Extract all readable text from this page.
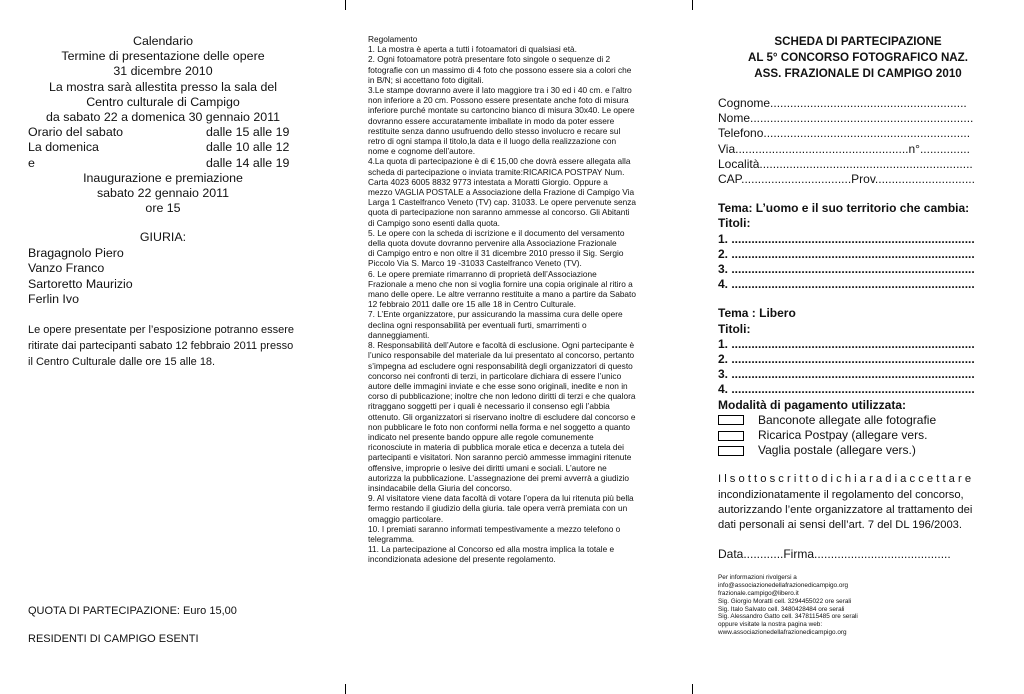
Calendario
Termine di presentazione delle opere
31 dicembre 2010
La mostra sarà allestita presso la sala del
Centro culturale di Campigo
da sabato 22 a domenica 30 gennaio 2011
Orario del sabato	dalle 15 alle 19
La domenica	dalle 10 alle 12
e	dalle 14 alle 19
Inaugurazione e premiazione
sabato 22 gennaio 2011
ore 15
GIURIA:
Bragagnolo Piero
Vanzo Franco
Sartoretto Maurizio
Ferlin Ivo
Le opere presentate per l’esposizione potranno essere
ritirate dai partecipanti sabato 12 febbraio 2011 presso
il Centro Culturale dalle ore 15 alle 18.
QUOTA DI PARTECIPAZIONE: Euro 15,00
RESIDENTI DI CAMPIGO ESENTI
Regolamento
1. La mostra è aperta a tutti i fotoamatori di qualsiasi età.
2. Ogni fotoamatore potrà presentare foto singole o sequenze di 2
fotografie con un massimo di 4 foto che possono essere sia a colori che
in B/N; si accettano foto digitali.
3.Le stampe dovranno avere il lato maggiore tra i 30 ed i 40 cm. e l’altro
non inferiore a 20 cm. Possono essere presentate anche foto di misura
inferiore purché montate su cartoncino bianco di misura 30x40. Le opere
dovranno essere accuratamente imballate in modo da poter essere
restituite senza danno usufruendo dello stesso involucro e recare sul
retro di ogni stampa il titolo,la data e il luogo della realizzazione con
nome e cognome dell’autore.
4.La quota di partecipazione è di € 15,00 che dovrà essere allegata alla
scheda di partecipazione o inviata tramite:RICARICA POSTPAY Num.
Carta 4023 6005 8832 9773 intestata a Moratti Giorgio. Oppure a
mezzo VAGLIA POSTALE a Associazione della Frazione di Campigo Via
Larga 1 Castelfranco Veneto (TV) cap. 31033. Le opere pervenute senza
quota di partecipazione non saranno ammesse al concorso. Gli Abitanti
di Campigo sono esenti dalla quota.
5. Le opere con la scheda di iscrizione e il documento del versamento
della quota dovute dovranno pervenire alla Associazione Frazionale
di Campigo entro e non oltre il 31 dicembre 2010 presso il Sig. Sergio
Piccolo Via S. Marco 19 -31033 Castelfranco Veneto (TV).
6. Le opere premiate rimarranno di proprietà dell’Associazione
Frazionale a meno che non si voglia fornire una copia originale al ritiro a
mano delle opere. Le altre verranno restituite a mano a partire da Sabato
12 febbraio 2011 dalle ore 15 alle 18 in Centro Culturale.
7. L’Ente organizzatore, pur assicurando la massima cura delle opere
declina ogni responsabilità per eventuali furti, smarrimenti o
danneggiamenti.
8. Responsabilità dell’Autore e facoltà di esclusione. Ogni partecipante è
l’unico responsabile del materiale da lui presentato al concorso, pertanto
s’impegna ad escludere ogni responsabilità degli organizzatori di questo
concorso nei confronti di terzi, in particolare dichiara di essere l’unico
autore delle immagini inviate e che esse sono originali, inedite e non in
corso di pubblicazione; inoltre che non ledono diritti di terzi e che qualora
ritraggano soggetti per i quali è necessario il consenso egli l’abbia
ottenuto. Gli organizzatori si riservano inoltre di escludere dal concorso e
non pubblicare le foto non conformi nella forma e nel soggetto a quanto
indicato nel presente bando oppure alle regole comunemente
riconosciute in materia di pubblica morale etica e decenza a tutela dei
partecipanti e visitatori. Non saranno perciò ammesse immagini ritenute
offensive, improprie o lesive dei diritti umani e sociali. L’autore ne
autorizza la pubblicazione. L’assegnazione dei premi avverrà a giudizio
insindacabile della Giuria del concorso.
9. Al visitatore viene data facoltà di votare l’opera da lui ritenuta più bella
fermo restando il giudizio della giuria. tale opera verrà premiata con un
omaggio particolare.
10. I premiati saranno informati tempestivamente a mezzo telefono o
telegramma.
11. La partecipazione al Concorso ed alla mostra implica la totale e
incondizionata adesione del presente regolamento.
SCHEDA DI PARTECIPAZIONE
AL 5° CONCORSO FOTOGRAFICO NAZ.
ASS. FRAZIONALE DI CAMPIGO 2010
Cognome...........................................................
Nome...................................................................
Telefono..............................................................
Via....................................................n°...............
Località................................................................
CAP.................................Prov..............................
Tema: L’uomo e il suo territorio che cambia:
Titoli:
1. .........................................................................
2. .........................................................................
3. .........................................................................
4. .........................................................................
Tema : Libero
Titoli:
1. .........................................................................
2. .........................................................................
3. .........................................................................
4. .........................................................................
Modalità di pagamento utilizzata:
Banconote allegate alle fotografie
Ricarica Postpay (allegare vers.
Vaglia postale (allegare vers.)
I l s o t t o s c r i t t o d i c h i a r a d i a c c e t t a r e
incondizionatamente il regolamento del concorso,
autorizzando l’ente organizzatore al trattamento dei
dati personali ai sensi dell’art. 7 del DL 196/2003.
Data............Firma.........................................
Per informazioni rivolgersi a
info@associazionedellafrazionedicampigo.org
frazionale.campigo@libero.it
Sig. Giorgio Moratti cell. 3294455022 ore serali
Sig. Italo Salvato cell. 3480428484 ore serali
Sig. Alessandro Gatto cell. 3478115485 ore serali
oppure visitate la nostra pagina web:
www.associazionedellafrazionedicampigo.org
